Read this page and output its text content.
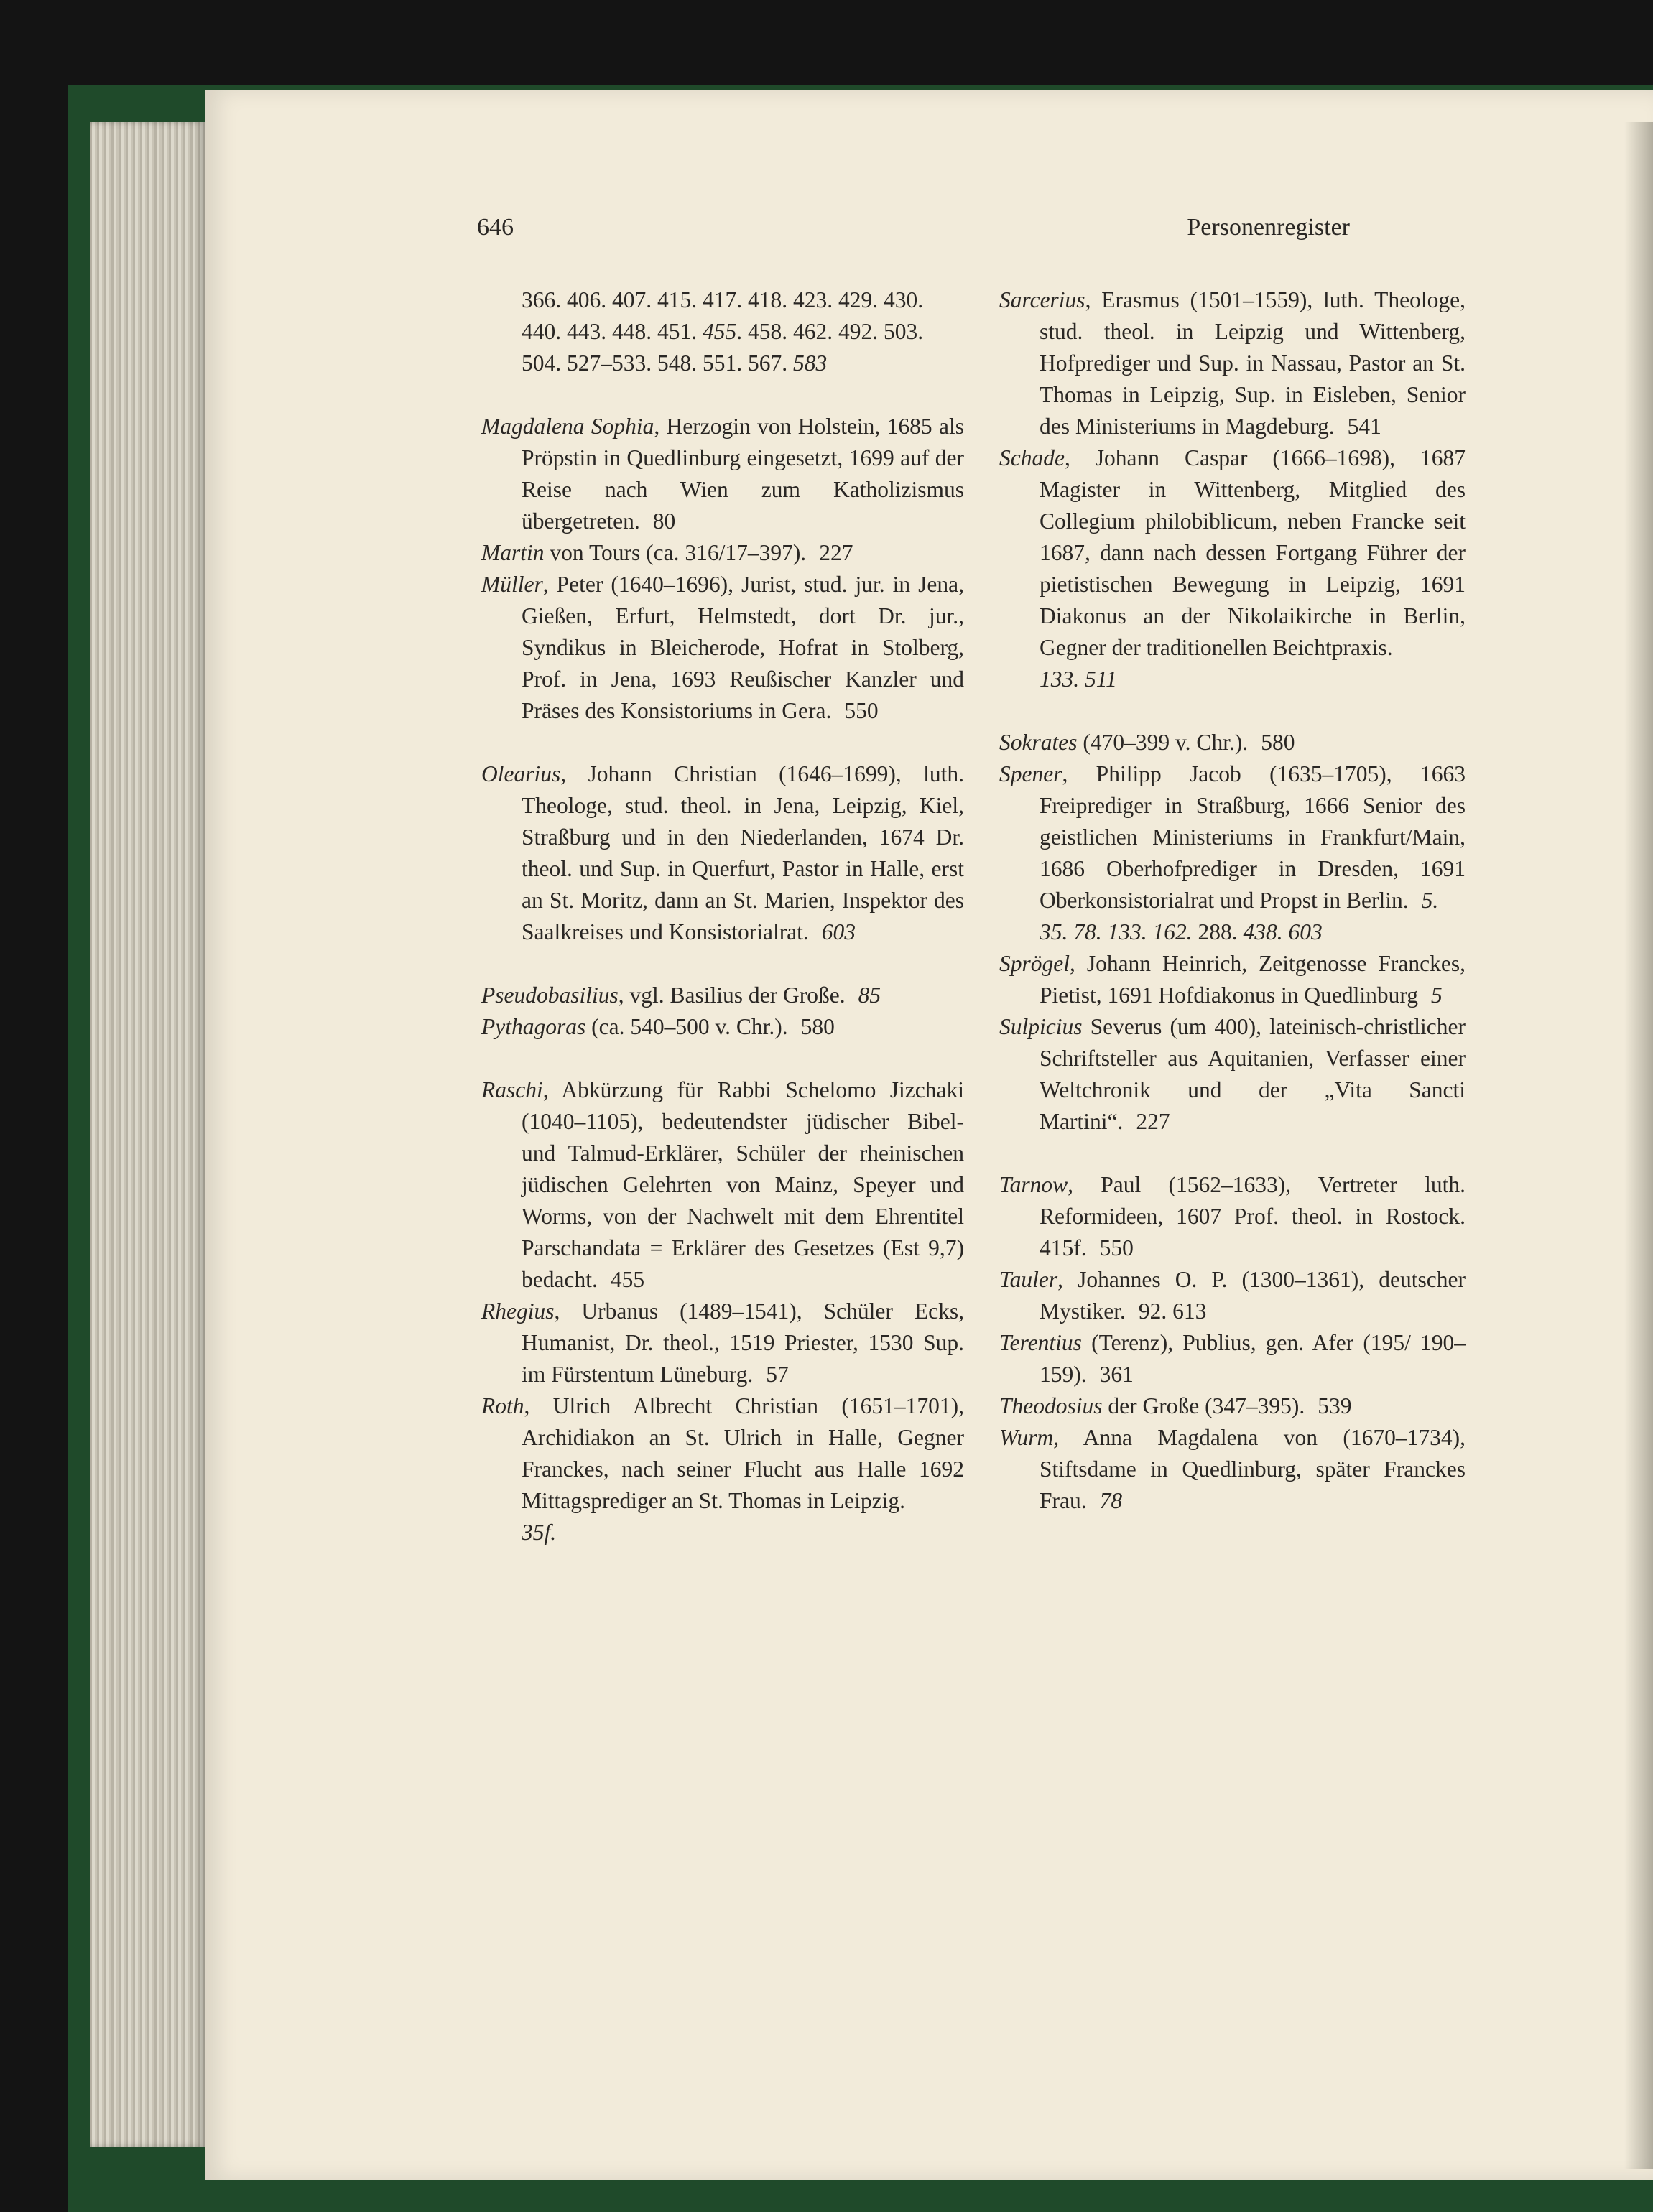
646	Personenregister

366. 406. 407. 415. 417. 418. 423. 429. 430.
440. 443. 448. 451. 455. 458. 462. 492. 503.
504. 527–533. 548. 551. 567. 583

Magdalena Sophia, Herzogin von Holstein, 1685 als Pröpstin in Quedlinburg eingesetzt, 1699 auf der Reise nach Wien zum Katholizismus übergetreten. 80

Martin von Tours (ca. 316/17–397). 227

Müller, Peter (1640–1696), Jurist, stud. jur. in Jena, Gießen, Erfurt, Helmstedt, dort Dr. jur., Syndikus in Bleicherode, Hofrat in Stolberg, Prof. in Jena, 1693 Reußischer Kanzler und Präses des Konsistoriums in Gera. 550

Olearius, Johann Christian (1646–1699), luth. Theologe, stud. theol. in Jena, Leipzig, Kiel, Straßburg und in den Niederlanden, 1674 Dr. theol. und Sup. in Querfurt, Pastor in Halle, erst an St. Moritz, dann an St. Marien, Inspektor des Saalkreises und Konsistorialrat. 603

Pseudobasilius, vgl. Basilius der Große. 85

Pythagoras (ca. 540–500 v. Chr.). 580

Raschi, Abkürzung für Rabbi Schelomo Jizchaki (1040–1105), bedeutendster jüdischer Bibel- und Talmud-Erklärer, Schüler der rheinischen jüdischen Gelehrten von Mainz, Speyer und Worms, von der Nachwelt mit dem Ehrentitel Parschandata = Erklärer des Gesetzes (Est 9,7) bedacht. 455

Rhegius, Urbanus (1489–1541), Schüler Ecks, Humanist, Dr. theol., 1519 Priester, 1530 Sup. im Fürstentum Lüneburg. 57

Roth, Ulrich Albrecht Christian (1651–1701), Archidiakon an St. Ulrich in Halle, Gegner Franckes, nach seiner Flucht aus Halle 1692 Mittagsprediger an St. Thomas in Leipzig.
35f.

Sarcerius, Erasmus (1501–1559), luth. Theologe, stud. theol. in Leipzig und Wittenberg, Hofprediger und Sup. in Nassau, Pastor an St. Thomas in Leipzig, Sup. in Eisleben, Senior des Ministeriums in Magdeburg. 541

Schade, Johann Caspar (1666–1698), 1687 Magister in Wittenberg, Mitglied des Collegium philobiblicum, neben Francke seit 1687, dann nach dessen Fortgang Führer der pietistischen Bewegung in Leipzig, 1691 Diakonus an der Nikolaikirche in Berlin, Gegner der traditionellen Beichtpraxis.
133. 511

Sokrates (470–399 v. Chr.). 580

Spener, Philipp Jacob (1635–1705), 1663 Freiprediger in Straßburg, 1666 Senior des geistlichen Ministeriums in Frankfurt/Main, 1686 Oberhofprediger in Dresden, 1691 Oberkonsistorialrat und Propst in Berlin. 5.
35. 78. 133. 162. 288. 438. 603

Sprögel, Johann Heinrich, Zeitgenosse Franckes, Pietist, 1691 Hofdiakonus in Quedlinburg 5

Sulpicius Severus (um 400), lateinisch-christlicher Schriftsteller aus Aquitanien, Verfasser einer Weltchronik und der „Vita Sancti Martini“. 227

Tarnow, Paul (1562–1633), Vertreter luth. Reformideen, 1607 Prof. theol. in Rostock. 415f. 550

Tauler, Johannes O. P. (1300–1361), deutscher Mystiker. 92. 613

Terentius (Terenz), Publius, gen. Afer (195/ 190–159). 361

Theodosius der Große (347–395). 539

Wurm, Anna Magdalena von (1670–1734), Stiftsdame in Quedlinburg, später Franckes Frau. 78
